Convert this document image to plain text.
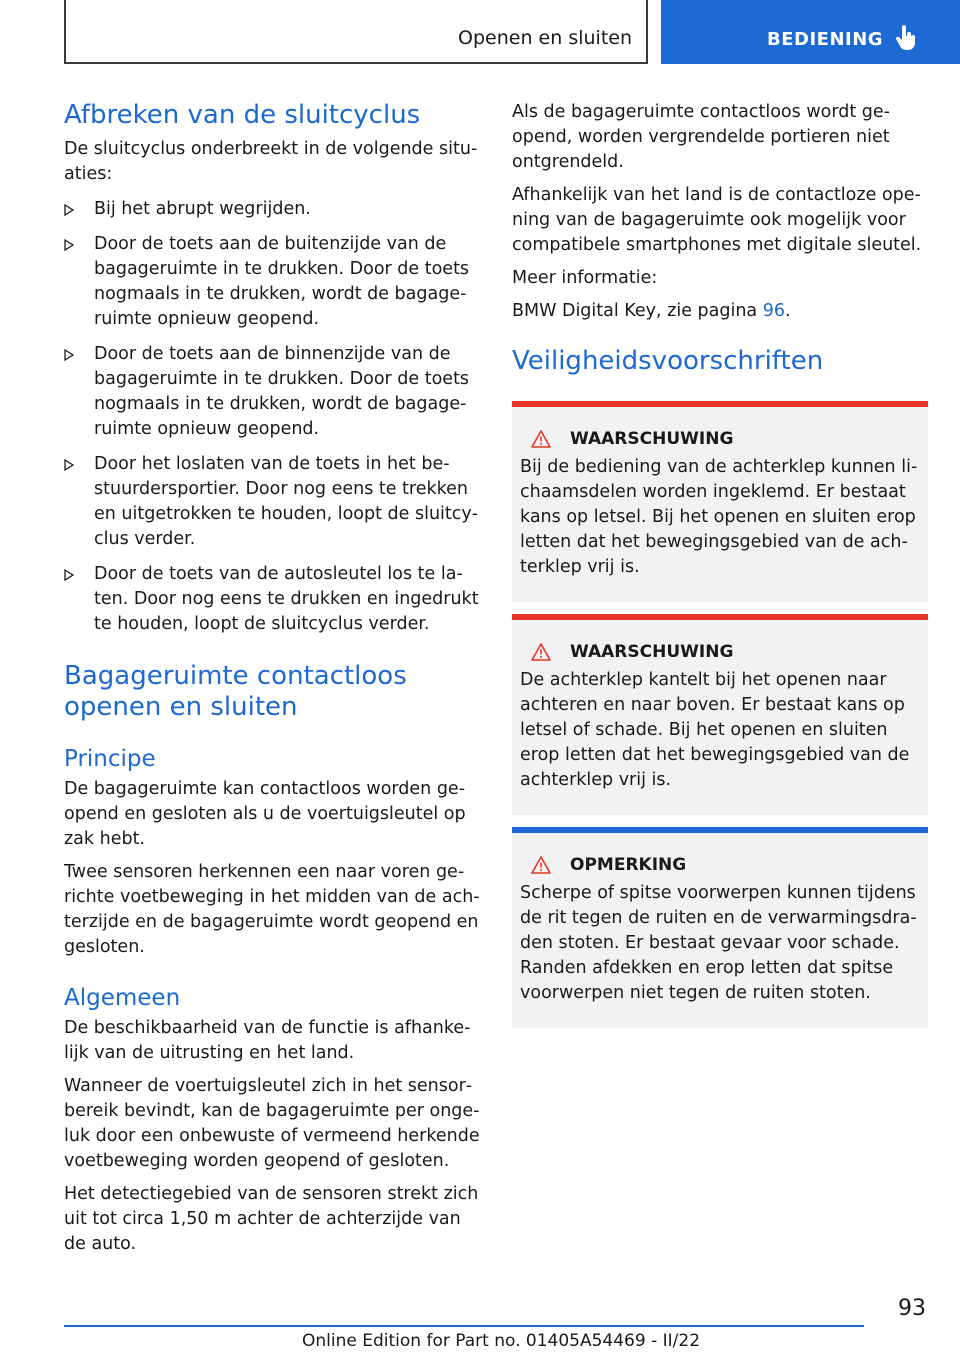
Openen en sluiten	BEDIENING
Afbreken van de sluitcyclus

De sluitcyclus onderbreekt in de volgende situaties:

Bij het abrupt wegrijden.
Door de toets aan de buitenzijde van de bagageruimte in te drukken. Door de toets nogmaals in te drukken, wordt de bagageruimte opnieuw geopend.
Door de toets aan de binnenzijde van de bagageruimte in te drukken. Door de toets nogmaals in te drukken, wordt de bagageruimte opnieuw geopend.
Door het loslaten van de toets in het bestuurdersportier. Door nog eens te trekken en uitgetrokken te houden, loopt de sluitcyclus verder.
Door de toets van de autosleutel los te laten. Door nog eens te drukken en ingedrukt te houden, loopt de sluitcyclus verder.
Bagageruimte contactloos openen en sluiten
Principe

De bagageruimte kan contactloos worden geopend en gesloten als u de voertuigsleutel op zak hebt.

Twee sensoren herkennen een naar voren gerichte voetbeweging in het midden van de achterzijde en de bagageruimte wordt geopend en gesloten.

Algemeen

De beschikbaarheid van de functie is afhankelijk van de uitrusting en het land.

Wanneer de voertuigsleutel zich in het sensorbereik bevindt, kan de bagageruimte per ongeluk door een onbewuste of vermeend herkende voetbeweging worden geopend of gesloten.

Het detectiegebied van de sensoren strekt zich uit tot circa 1,50 m achter de achterzijde van de auto.

Als de bagageruimte contactloos wordt geopend, worden vergrendelde portieren niet ontgrendeld.

Afhankelijk van het land is de contactloze opening van de bagageruimte ook mogelijk voor compatibele smartphones met digitale sleutel.

Meer informatie:

BMW Digital Key, zie pagina 96.

Veiligheidsvoorschriften
WAARSCHUWING

Bij de bediening van de achterklep kunnen lichaamsdelen worden ingeklemd. Er bestaat kans op letsel. Bij het openen en sluiten erop letten dat het bewegingsgebied van de achterklep vrij is.

WAARSCHUWING

De achterklep kantelt bij het openen naar achteren en naar boven. Er bestaat kans op letsel of schade. Bij het openen en sluiten erop letten dat het bewegingsgebied van de achterklep vrij is.

OPMERKING

Scherpe of spitse voorwerpen kunnen tijdens de rit tegen de ruiten en de verwarmingsdraden stoten. Er bestaat gevaar voor schade. Randen afdekken en erop letten dat spitse voorwerpen niet tegen de ruiten stoten.

93
Online Edition for Part no. 01405A54469 - II/22
